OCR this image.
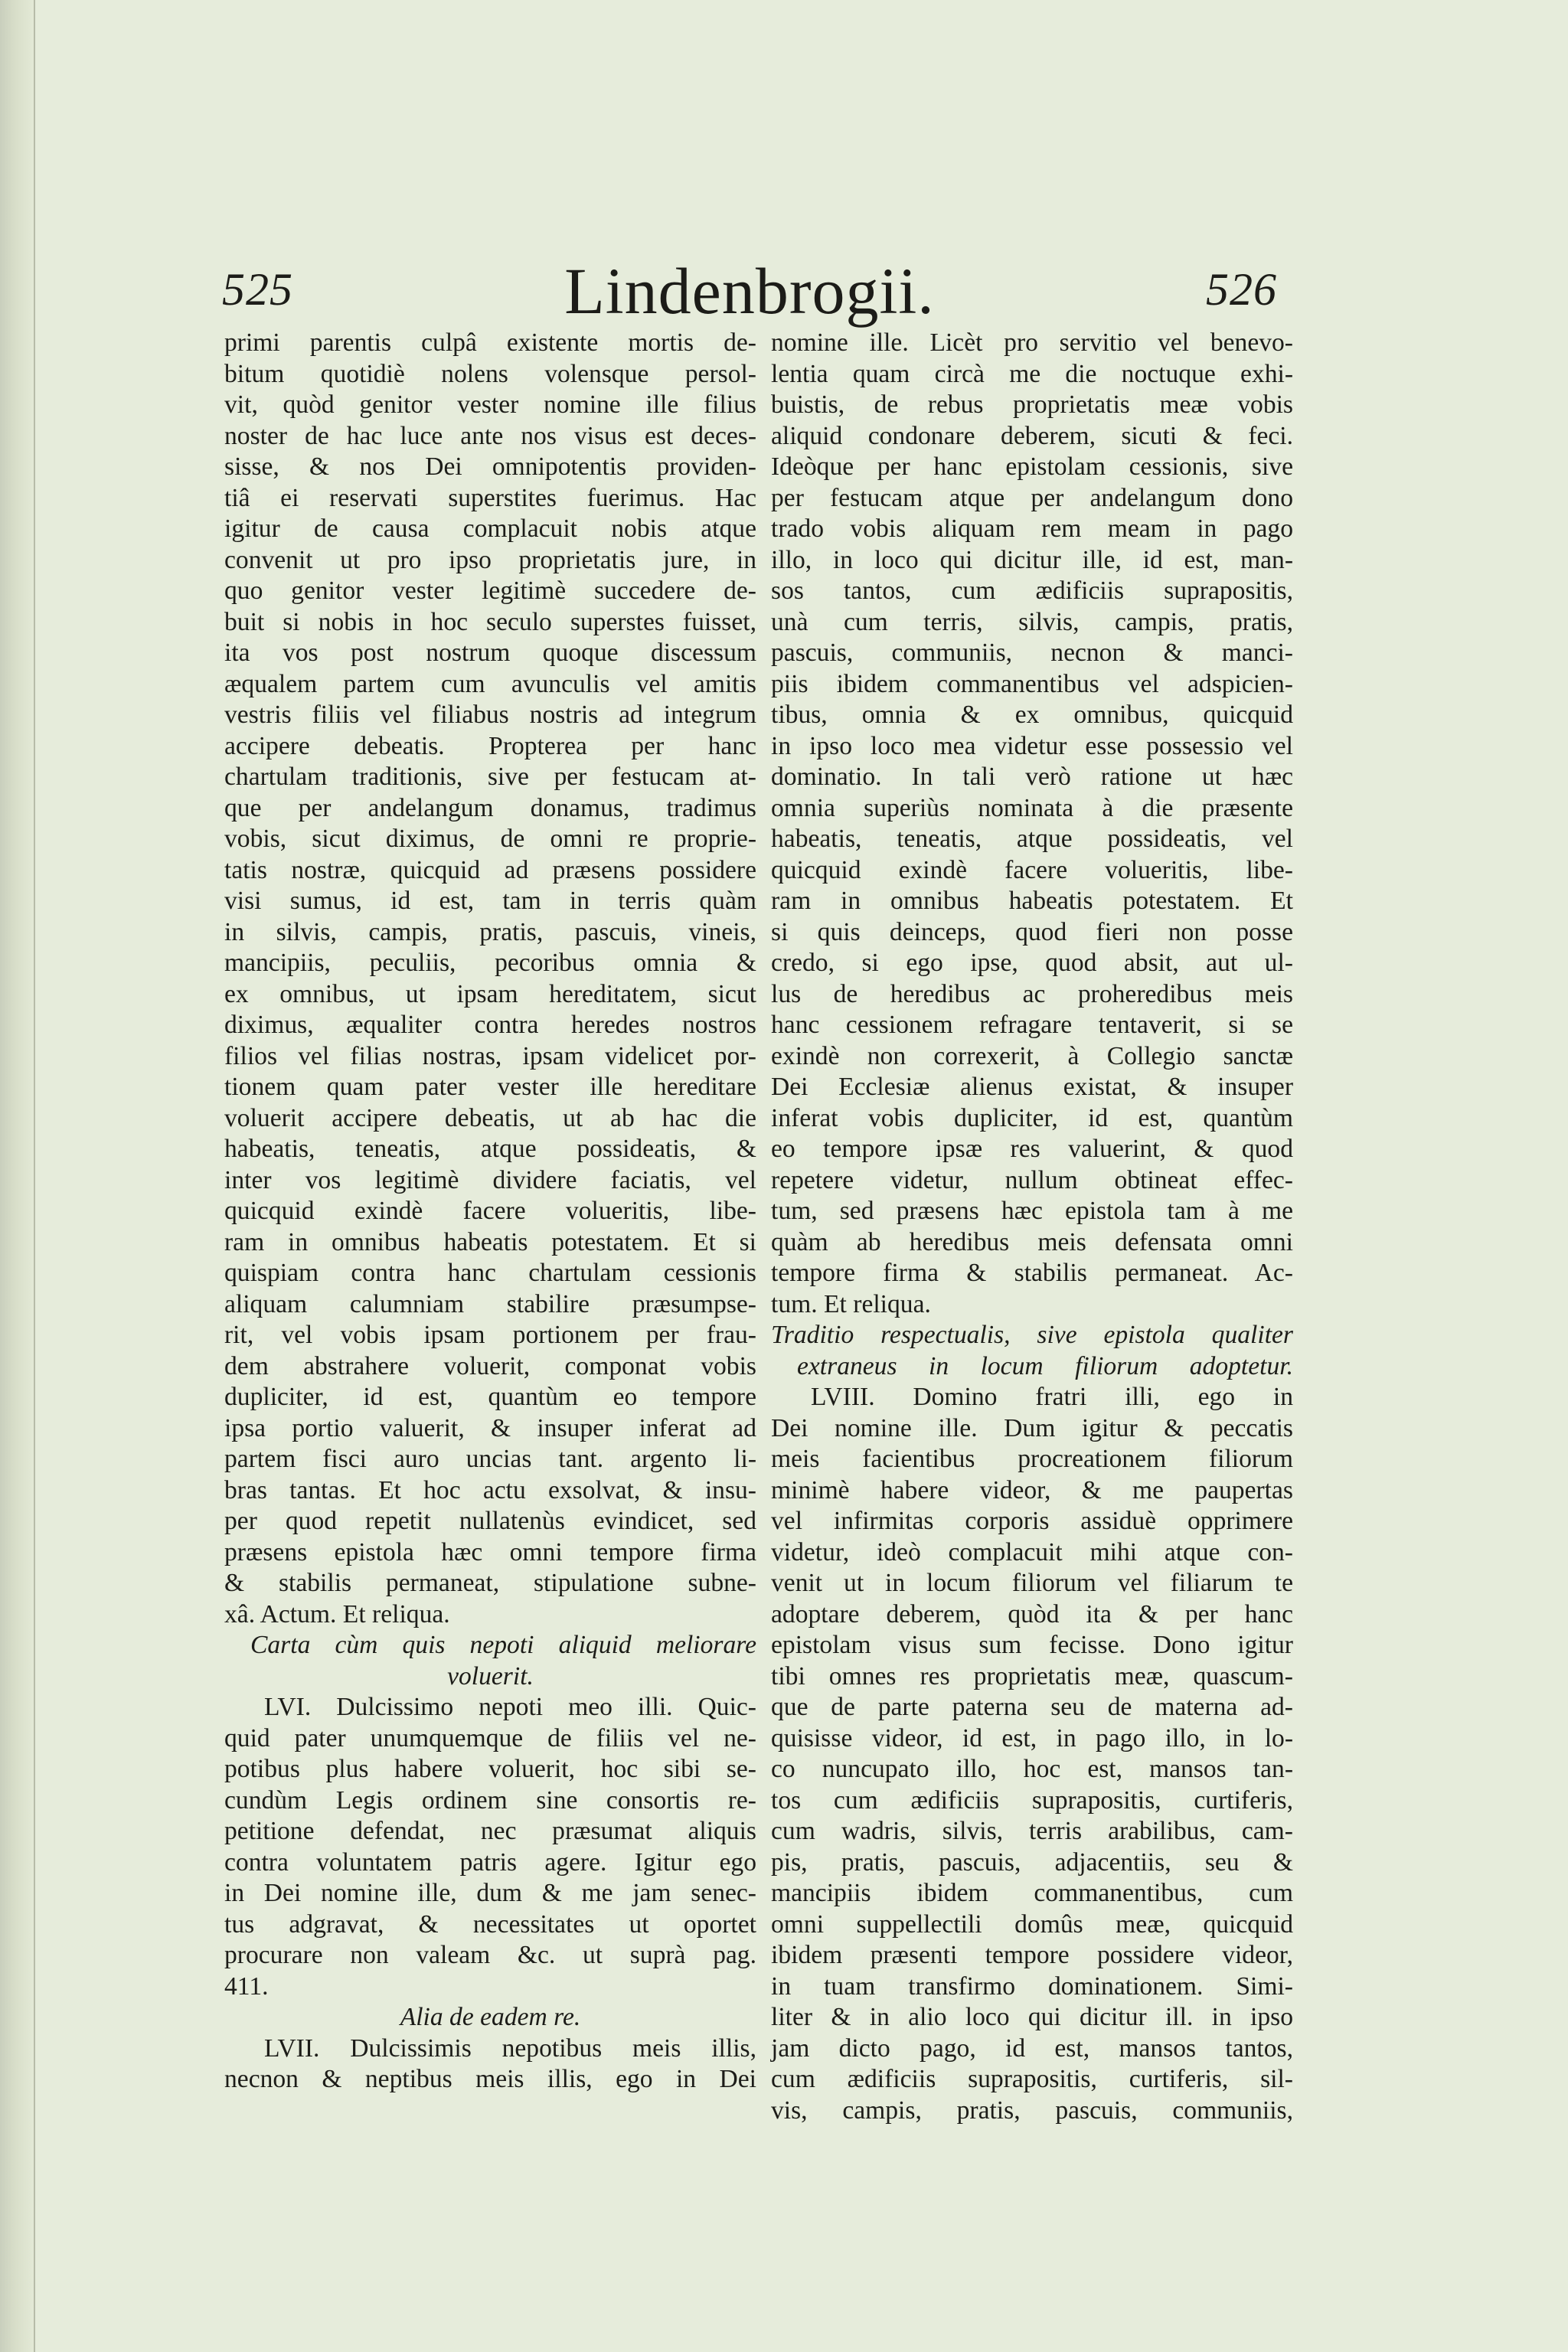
525	Lindenbrogii.	526
primi parentis culpâ existente mortis de-
bitum quotidiè nolens volensque persol-
vit, quòd genitor vester nomine ille filius
noster de hac luce ante nos visus est deces-
sisse, & nos Dei omnipotentis providen-
tiâ ei reservati superstites fuerimus. Hac
igitur de causa complacuit nobis atque
convenit ut pro ipso proprietatis jure, in
quo genitor vester legitimè succedere de-
buit si nobis in hoc seculo superstes fuisset,
ita vos post nostrum quoque discessum
æqualem partem cum avunculis vel amitis
vestris filiis vel filiabus nostris ad integrum
accipere debeatis. Propterea per hanc
chartulam traditionis, sive per festucam at-
que per andelangum donamus, tradimus
vobis, sicut diximus, de omni re proprie-
tatis nostræ, quicquid ad præsens possidere
visi sumus, id est, tam in terris quàm
in silvis, campis, pratis, pascuis, vineis,
mancipiis, peculiis, pecoribus omnia &
ex omnibus, ut ipsam hereditatem, sicut
diximus, æqualiter contra heredes nostros
filios vel filias nostras, ipsam videlicet por-
tionem quam pater vester ille hereditare
voluerit accipere debeatis, ut ab hac die
habeatis, teneatis, atque possideatis, &
inter vos legitimè dividere faciatis, vel
quicquid exindè facere volueritis, libe-
ram in omnibus habeatis potestatem. Et si
quispiam contra hanc chartulam cessionis
aliquam calumniam stabilire præsumpse-
rit, vel vobis ipsam portionem per frau-
dem abstrahere voluerit, componat vobis
dupliciter, id est, quantùm eo tempore
ipsa portio valuerit, & insuper inferat ad
partem fisci auro uncias tant. argento li-
bras tantas. Et hoc actu exsolvat, & insu-
per quod repetit nullatenùs evindicet, sed
præsens epistola hæc omni tempore firma
& stabilis permaneat, stipulatione subne-
xâ. Actum. Et reliqua.
Carta cùm quis nepoti aliquid meliorare
voluerit.
LVI. Dulcissimo nepoti meo illi. Quic-
quid pater unumquemque de filiis vel ne-
potibus plus habere voluerit, hoc sibi se-
cundùm Legis ordinem sine consortis re-
petitione defendat, nec præsumat aliquis
contra voluntatem patris agere. Igitur ego
in Dei nomine ille, dum & me jam senec-
tus adgravat, & necessitates ut oportet
procurare non valeam &c. ut suprà pag.
411.
Alia de eadem re.
LVII. Dulcissimis nepotibus meis illis,
necnon & neptibus meis illis, ego in Dei
nomine ille. Licèt pro servitio vel benevo-
lentia quam circà me die noctuque exhi-
buistis, de rebus proprietatis meæ vobis
aliquid condonare deberem, sicuti & feci.
Ideòque per hanc epistolam cessionis, sive
per festucam atque per andelangum dono
trado vobis aliquam rem meam in pago
illo, in loco qui dicitur ille, id est, man-
sos tantos, cum ædificiis suprapositis,
unà cum terris, silvis, campis, pratis,
pascuis, communiis, necnon & manci-
piis ibidem commanentibus vel adspicien-
tibus, omnia & ex omnibus, quicquid
in ipso loco mea videtur esse possessio vel
dominatio. In tali verò ratione ut hæc
omnia superiùs nominata à die præsente
habeatis, teneatis, atque possideatis, vel
quicquid exindè facere volueritis, libe-
ram in omnibus habeatis potestatem. Et
si quis deinceps, quod fieri non posse
credo, si ego ipse, quod absit, aut ul-
lus de heredibus ac proheredibus meis
hanc cessionem refragare tentaverit, si se
exindè non correxerit, à Collegio sanctæ
Dei Ecclesiæ alienus existat, & insuper
inferat vobis dupliciter, id est, quantùm
eo tempore ipsæ res valuerint, & quod
repetere videtur, nullum obtineat effec-
tum, sed præsens hæc epistola tam à me
quàm ab heredibus meis defensata omni
tempore firma & stabilis permaneat. Ac-
tum. Et reliqua.
Traditio respectualis, sive epistola qualiter
extraneus in locum filiorum adoptetur.
LVIII. Domino fratri illi, ego in
Dei nomine ille. Dum igitur & peccatis
meis facientibus procreationem filiorum
minimè habere videor, & me paupertas
vel infirmitas corporis assiduè opprimere
videtur, ideò complacuit mihi atque con-
venit ut in locum filiorum vel filiarum te
adoptare deberem, quòd ita & per hanc
epistolam visus sum fecisse. Dono igitur
tibi omnes res proprietatis meæ, quascum-
que de parte paterna seu de materna ad-
quisisse videor, id est, in pago illo, in lo-
co nuncupato illo, hoc est, mansos tan-
tos cum ædificiis suprapositis, curtiferis,
cum wadris, silvis, terris arabilibus, cam-
pis, pratis, pascuis, adjacentiis, seu &
mancipiis ibidem commanentibus, cum
omni suppellectili domûs meæ, quicquid
ibidem præsenti tempore possidere videor,
in tuam transfirmo dominationem. Simi-
liter & in alio loco qui dicitur ill. in ipso
jam dicto pago, id est, mansos tantos,
cum ædificiis suprapositis, curtiferis, sil-
vis, campis, pratis, pascuis, communiis,
